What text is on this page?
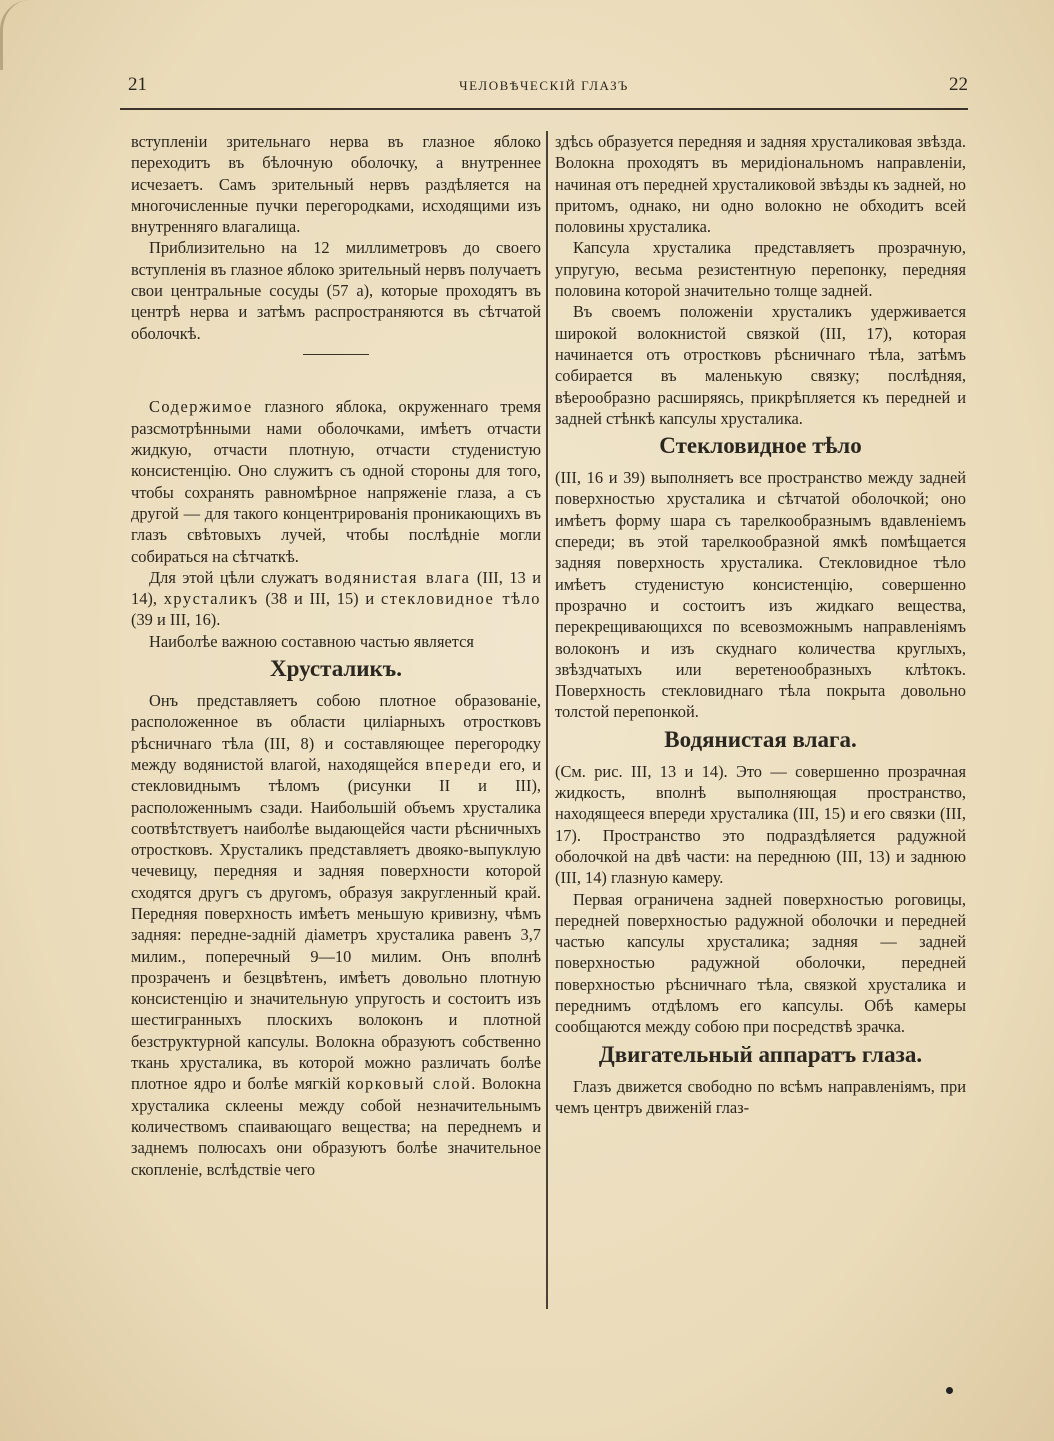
21	ЧЕЛОВѢЧЕСКІЙ ГЛАЗЪ	22

вступленіи зрительнаго нерва въ глазное яблоко переходитъ въ бѣлочную оболочку, а внутреннее исчезаетъ. Самъ зрительный нервъ раздѣляется на многочисленные пучки перегородками, исходящими изъ внутренняго влагалища.

Приблизительно на 12 миллиметровъ до своего вступленія въ глазное яблоко зрительный нервъ получаетъ свои центральные сосуды (57 а), которые проходятъ въ центрѣ нерва и затѣмъ распространяются въ сѣтчатой оболочкѣ.

Содержимое глазного яблока, окруженнаго тремя разсмотрѣнными нами оболочками, имѣетъ отчасти жидкую, отчасти плотную, отчасти студенистую консистенцію. Оно служитъ съ одной стороны для того, чтобы сохранять равномѣрное напряженіе глаза, а съ другой — для такого концентрированія проникающихъ въ глазъ свѣтовыхъ лучей, чтобы послѣдніе могли собираться на сѣтчаткѣ.

Для этой цѣли служатъ водянистая влага (III, 13 и 14), хрусталикъ (38 и III, 15) и стекловидное тѣло (39 и III, 16).

Наиболѣе важною составною частью является

Хрусталикъ.

Онъ представляетъ собою плотное образованіе, расположенное въ области циліарныхъ отростковъ рѣсничнаго тѣла (III, 8) и составляющее перегородку между водянистой влагой, находящейся впереди его, и стекловиднымъ тѣломъ (рисунки II и III), расположеннымъ сзади. Наибольшій объемъ хрусталика соотвѣтствуетъ наиболѣе выдающейся части рѣсничныхъ отростковъ. Хрусталикъ представляетъ двояко-выпуклую чечевицу, передняя и задняя поверхности которой сходятся другъ съ другомъ, образуя закругленный край. Передняя поверхность имѣетъ меньшую кривизну, чѣмъ задняя: передне-задній діаметръ хрусталика равенъ 3,7 милим., поперечный 9—10 милим. Онъ вполнѣ прозраченъ и безцвѣтенъ, имѣетъ довольно плотную консистенцію и значительную упругость и состоитъ изъ шестигранныхъ плоскихъ волоконъ и плотной безструктурной капсулы. Волокна образуютъ собственно ткань хрусталика, въ которой можно различать болѣе плотное ядро и болѣе мягкій корковый слой. Волокна хрусталика склеены между собой незначительнымъ количествомъ спаивающаго вещества; на переднемъ и заднемъ полюсахъ они образуютъ болѣе значительное скопленіе, вслѣдствіе чего

здѣсь образуется передняя и задняя хрусталиковая звѣзда. Волокна проходятъ въ меридіональномъ направленіи, начиная отъ передней хрусталиковой звѣзды къ задней, но притомъ, однако, ни одно волокно не обходитъ всей половины хрусталика.

Капсула хрусталика представляетъ прозрачную, упругую, весьма резистентную перепонку, передняя половина которой значительно толще задней.

Въ своемъ положеніи хрусталикъ удерживается широкой волокнистой связкой (III, 17), которая начинается отъ отростковъ рѣсничнаго тѣла, затѣмъ собирается въ маленькую связку; послѣдняя, вѣерообразно расширяясь, прикрѣпляется къ передней и задней стѣнкѣ капсулы хрусталика.

Стекловидное тѣло

(III, 16 и 39) выполняетъ все пространство между задней поверхностью хрусталика и сѣтчатой оболочкой; оно имѣетъ форму шара съ тарелкообразнымъ вдавленіемъ спереди; въ этой тарелкообразной ямкѣ помѣщается задняя поверхность хрусталика. Стекловидное тѣло имѣетъ студенистую консистенцію, совершенно прозрачно и состоитъ изъ жидкаго вещества, перекрещивающихся по всевозможнымъ направленіямъ волоконъ и изъ скуднаго количества круглыхъ, звѣздчатыхъ или веретенообразныхъ клѣтокъ. Поверхность стекловиднаго тѣла покрыта довольно толстой перепонкой.

Водянистая влага.

(См. рис. III, 13 и 14). Это — совершенно прозрачная жидкость, вполнѣ выполняющая пространство, находящееся впереди хрусталика (III, 15) и его связки (III, 17). Пространство это подраздѣляется радужной оболочкой на двѣ части: на переднюю (III, 13) и заднюю (III, 14) глазную камеру.

Первая ограничена задней поверхностью роговицы, передней поверхностью радужной оболочки и передней частью капсулы хрусталика; задняя — задней поверхностью радужной оболочки, передней поверхностью рѣсничнаго тѣла, связкой хрусталика и переднимъ отдѣломъ его капсулы. Обѣ камеры сообщаются между собою при посредствѣ зрачка.

Двигательный аппаратъ глаза.

Глазъ движется свободно по всѣмъ направленіямъ, при чемъ центръ движеній глаз-
